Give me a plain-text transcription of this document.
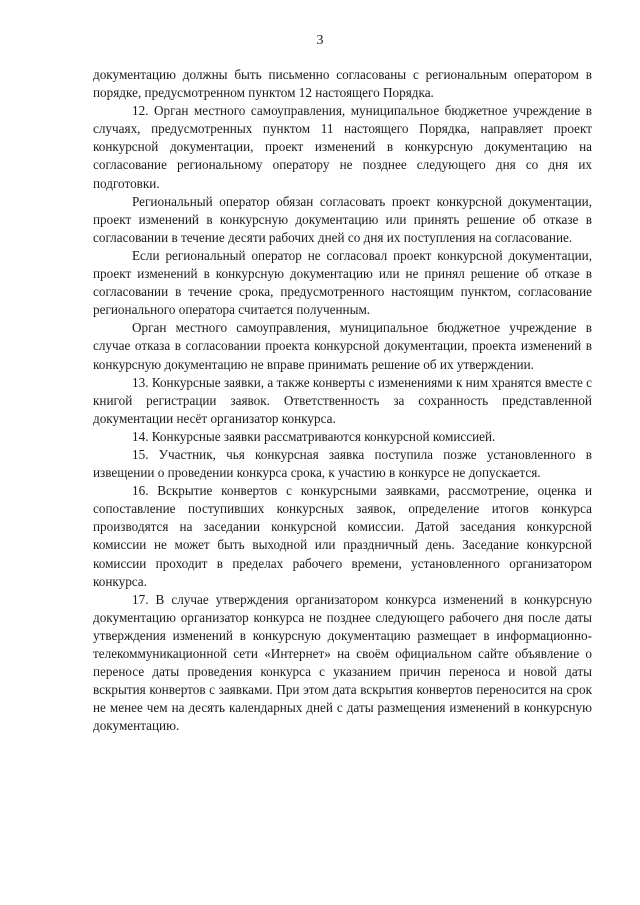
3

документацию должны быть письменно согласованы с региональным оператором в порядке, предусмотренном пунктом 12 настоящего Порядка.

12. Орган местного самоуправления, муниципальное бюджетное учреждение в случаях, предусмотренных пунктом 11 настоящего Порядка, направляет проект конкурсной документации, проект изменений в конкурсную документацию на согласование региональному оператору не позднее следующего дня со дня их подготовки.

Региональный оператор обязан согласовать проект конкурсной документации, проект изменений в конкурсную документацию или принять решение об отказе в согласовании в течение десяти рабочих дней со дня их поступления на согласование.

Если региональный оператор не согласовал проект конкурсной документации, проект изменений в конкурсную документацию или не принял решение об отказе в согласовании в течение срока, предусмотренного настоящим пунктом, согласование регионального оператора считается полученным.

Орган местного самоуправления, муниципальное бюджетное учреждение в случае отказа в согласовании проекта конкурсной документации, проекта изменений в конкурсную документацию не вправе принимать решение об их утверждении.

13. Конкурсные заявки, а также конверты с изменениями к ним хранятся вместе с книгой регистрации заявок. Ответственность за сохранность представленной документации несёт организатор конкурса.

14. Конкурсные заявки рассматриваются конкурсной комиссией.

15. Участник, чья конкурсная заявка поступила позже установленного в извещении о проведении конкурса срока, к участию в конкурсе не допускается.

16. Вскрытие конвертов с конкурсными заявками, рассмотрение, оценка и сопоставление поступивших конкурсных заявок, определение итогов конкурса производятся на заседании конкурсной комиссии. Датой заседания конкурсной комиссии не может быть выходной или праздничный день. Заседание конкурсной комиссии проходит в пределах рабочего времени, установленного организатором конкурса.

17. В случае утверждения организатором конкурса изменений в конкурсную документацию организатор конкурса не позднее следующего рабочего дня после даты утверждения изменений в конкурсную документацию размещает в информационно-телекоммуникационной сети «Интернет» на своём официальном сайте объявление о переносе даты проведения конкурса с указанием причин переноса и новой даты вскрытия конвертов с заявками. При этом дата вскрытия конвертов переносится на срок не менее чем на десять календарных дней с даты размещения изменений в конкурсную документацию.
